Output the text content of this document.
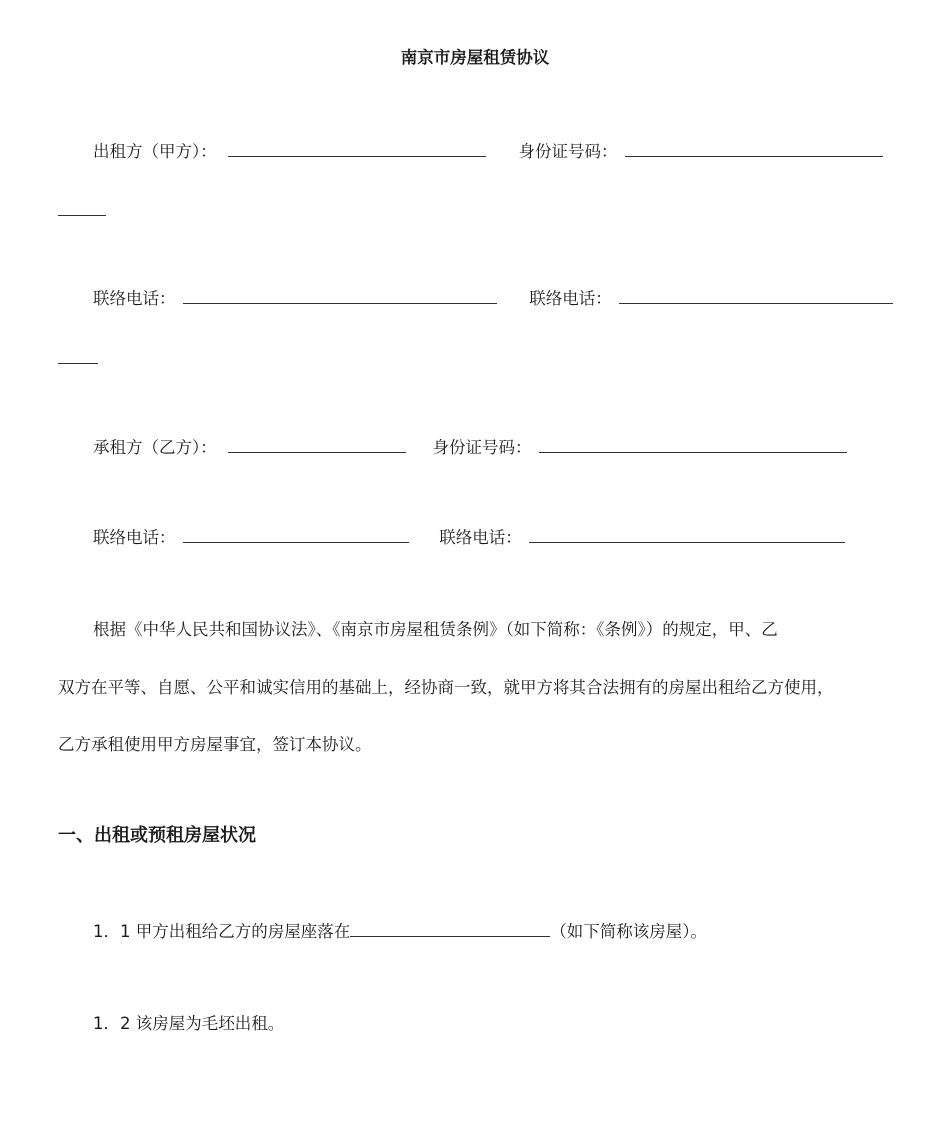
南京市房屋租赁协议
出租方（甲方）：	身份证号码：
联络电话：	联络电话：
承租方（乙方）：	身份证号码：
联络电话：	联络电话：
根据《中华人民共和国协议法》、《南京市房屋租赁条例》（如下简称：《条例》）的规定，甲、乙
双方在平等、自愿、公平和诚实信用的基础上，经协商一致，就甲方将其合法拥有的房屋出租给乙方使用，
乙方承租使用甲方房屋事宜，签订本协议。
一、出租或预租房屋状况
1．1 甲方出租给乙方的房屋座落在	（如下简称该房屋）。
1．2 该房屋为毛坯出租。
